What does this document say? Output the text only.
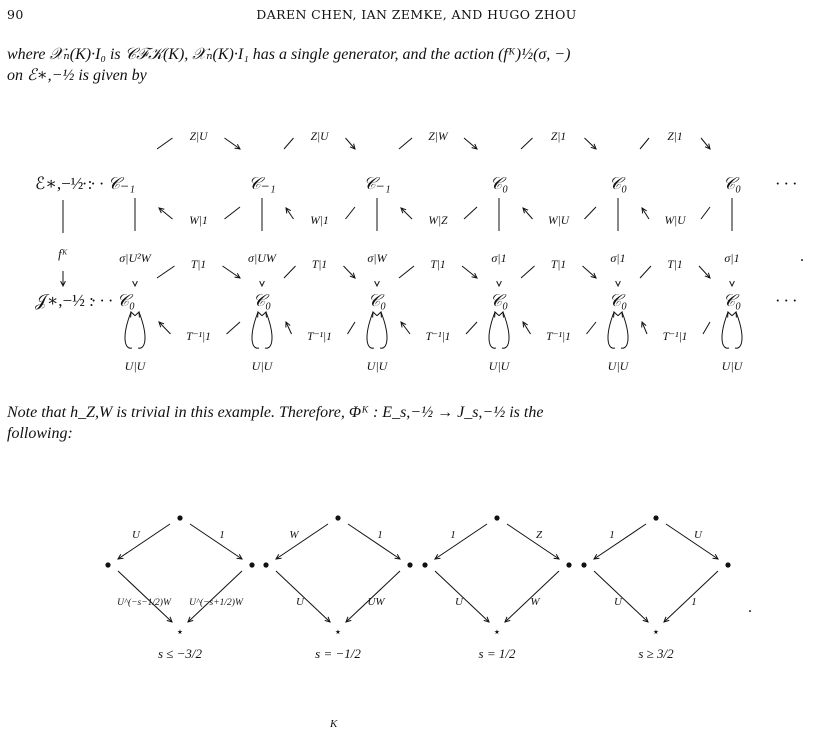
90	DAREN CHEN, IAN ZEMKE, AND HUGO ZHOU
where 𝒳ₙ(K)·I₀ is 𝒞ℱ𝒦(K), 𝒳ₙ(K)·I₁ has a single generator, and the action (fᴷ)½(σ, −)
on ℰ∗,−½ is given by
ℰ∗,−½ :
𝒥∗,−½ :
· · · 𝒞₋₁	𝒞₋₁	𝒞₋₁	𝒞₀	𝒞₀	𝒞₀ · · ·
· · · 𝒞₀	𝒞₀	𝒞₀	𝒞₀	𝒞₀	𝒞₀ · · ·
Z|U
W|1
T|1
T⁻¹|1
Z|U
W|1
T|1
T⁻¹|1
Z|W
W|Z
T|1
T⁻¹|1
Z|1
W|U
T|1
T⁻¹|1
Z|1
W|U
T|1
T⁻¹|1
σ|U²W	σ|UW	σ|W	σ|1	σ|1	σ|1
fᴷ	.
U|U	U|U	U|U	U|U	U|U	U|U
Note that h_Z,W is trivial in this example. Therefore, Φᴷ : E_s,−½ → J_s,−½ is the
following:
⋆
U	1
U^(−s−1/2)W U^(−s+1/2)W
s ≤ −3/2
⋆
W	1
U	UW
s = −1/2
⋆
1	Z
U	W
s = 1/2
⋆
1	U
U	1
s ≥ 3/2
.
K
